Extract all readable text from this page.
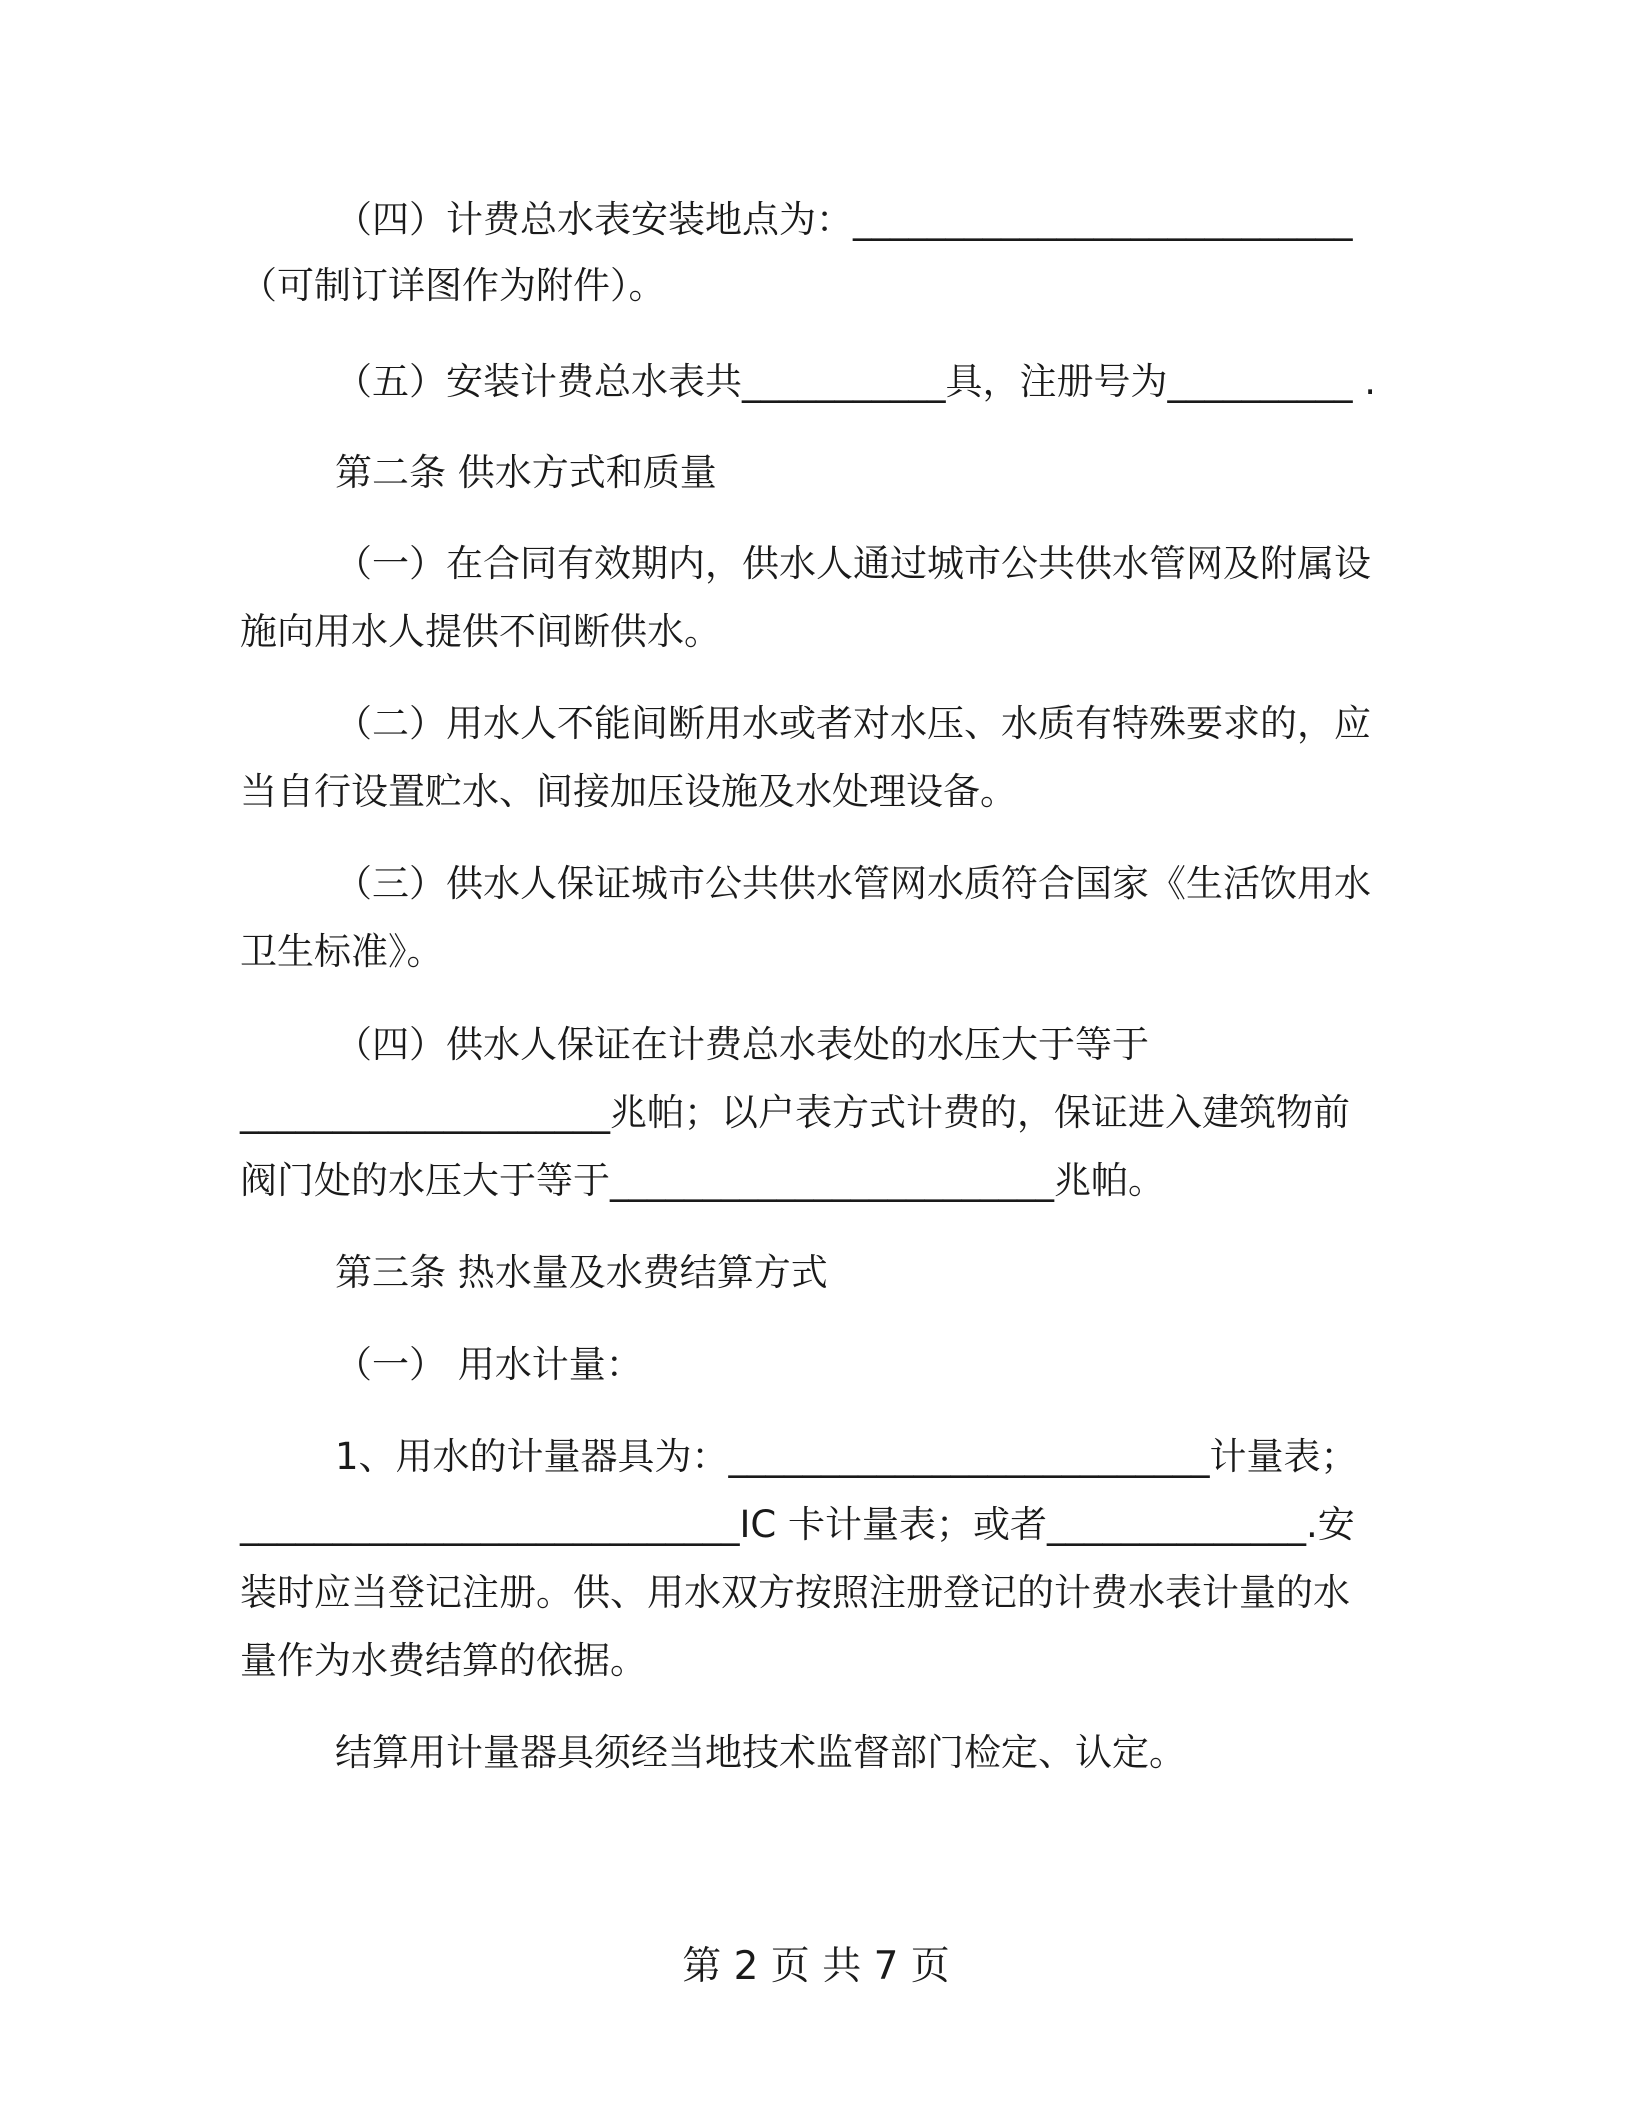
（四）计费总水表安装地点为：___________________________
（可制订详图作为附件）。
（五）安装计费总水表共___________具，注册号为__________ .
第二条 供水方式和质量
（一）在合同有效期内，供水人通过城市公共供水管网及附属设
施向用水人提供不间断供水。
（二）用水人不能间断用水或者对水压、水质有特殊要求的，应
当自行设置贮水、间接加压设施及水处理设备。
（三）供水人保证城市公共供水管网水质符合国家《生活饮用水
卫生标准》。
（四）供水人保证在计费总水表处的水压大于等于
____________________兆帕；以户表方式计费的，保证进入建筑物前
阀门处的水压大于等于________________________兆帕。
第三条 热水量及水费结算方式
（一） 用水计量：
1、用水的计量器具为：__________________________计量表；
___________________________IC 卡计量表；或者______________.安
装时应当登记注册。供、用水双方按照注册登记的计费水表计量的水
量作为水费结算的依据。
结算用计量器具须经当地技术监督部门检定、认定。
第 2 页 共 7 页
